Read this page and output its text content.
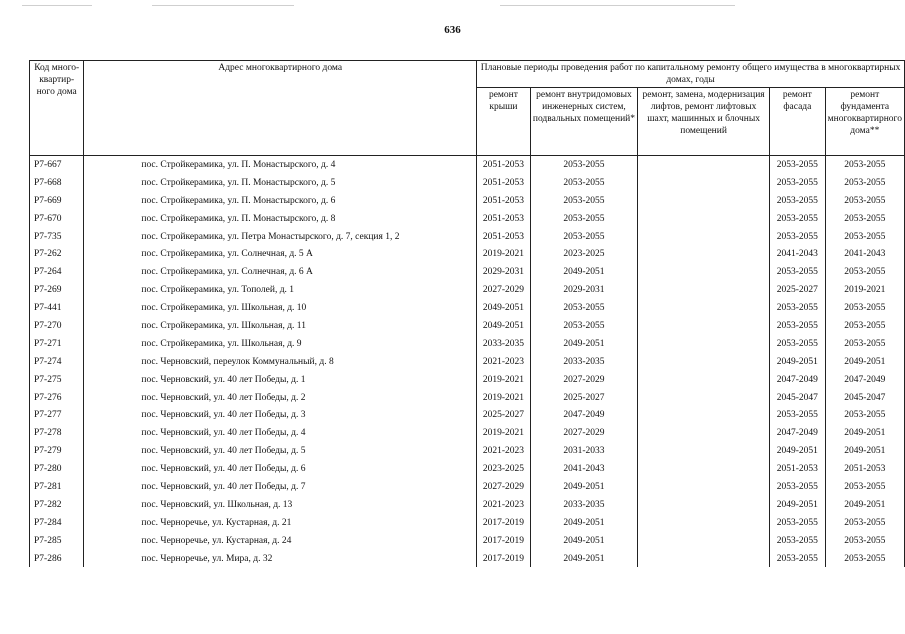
636
Код много-квартир-ного дома	Адрес многоквартирного дома	Плановые периоды проведения работ по капитальному ремонту общего имущества в многоквартирных домах, годы				
		ремонт крыши	ремонт внутридомовых инженерных систем, подвальных помещений*	ремонт, замена, модернизация лифтов, ремонт лифтовых шахт, машинных и блочных помещений	ремонт фасада	ремонт фундамента многоквартирного дома**
Р7-667	пос. Стройкерамика, ул. П. Монастырского, д. 4	2051-2053	2053-2055		2053-2055	2053-2055
Р7-668	пос. Стройкерамика, ул. П. Монастырского, д. 5	2051-2053	2053-2055		2053-2055	2053-2055
Р7-669	пос. Стройкерамика, ул. П. Монастырского, д. 6	2051-2053	2053-2055		2053-2055	2053-2055
Р7-670	пос. Стройкерамика, ул. П. Монастырского, д. 8	2051-2053	2053-2055		2053-2055	2053-2055
Р7-735	пос. Стройкерамика, ул. Петра Монастырского, д. 7, секция 1, 2	2051-2053	2053-2055		2053-2055	2053-2055
Р7-262	пос. Стройкерамика, ул. Солнечная, д. 5 А	2019-2021	2023-2025		2041-2043	2041-2043
Р7-264	пос. Стройкерамика, ул. Солнечная, д. 6 А	2029-2031	2049-2051		2053-2055	2053-2055
Р7-269	пос. Стройкерамика, ул. Тополей, д. 1	2027-2029	2029-2031		2025-2027	2019-2021
Р7-441	пос. Стройкерамика, ул. Школьная, д. 10	2049-2051	2053-2055		2053-2055	2053-2055
Р7-270	пос. Стройкерамика, ул. Школьная, д. 11	2049-2051	2053-2055		2053-2055	2053-2055
Р7-271	пос. Стройкерамика, ул. Школьная, д. 9	2033-2035	2049-2051		2053-2055	2053-2055
Р7-274	пос. Черновский, переулок Коммунальный, д. 8	2021-2023	2033-2035		2049-2051	2049-2051
Р7-275	пос. Черновский, ул. 40 лет Победы, д. 1	2019-2021	2027-2029		2047-2049	2047-2049
Р7-276	пос. Черновский, ул. 40 лет Победы, д. 2	2019-2021	2025-2027		2045-2047	2045-2047
Р7-277	пос. Черновский, ул. 40 лет Победы, д. 3	2025-2027	2047-2049		2053-2055	2053-2055
Р7-278	пос. Черновский, ул. 40 лет Победы, д. 4	2019-2021	2027-2029		2047-2049	2049-2051
Р7-279	пос. Черновский, ул. 40 лет Победы, д. 5	2021-2023	2031-2033		2049-2051	2049-2051
Р7-280	пос. Черновский, ул. 40 лет Победы, д. 6	2023-2025	2041-2043		2051-2053	2051-2053
Р7-281	пос. Черновский, ул. 40 лет Победы, д. 7	2027-2029	2049-2051		2053-2055	2053-2055
Р7-282	пос. Черновский, ул. Школьная, д. 13	2021-2023	2033-2035		2049-2051	2049-2051
Р7-284	пос. Черноречье, ул. Кустарная, д. 21	2017-2019	2049-2051		2053-2055	2053-2055
Р7-285	пос. Черноречье, ул. Кустарная, д. 24	2017-2019	2049-2051		2053-2055	2053-2055
Р7-286	пос. Черноречье, ул. Мира, д. 32	2017-2019	2049-2051		2053-2055	2053-2055
